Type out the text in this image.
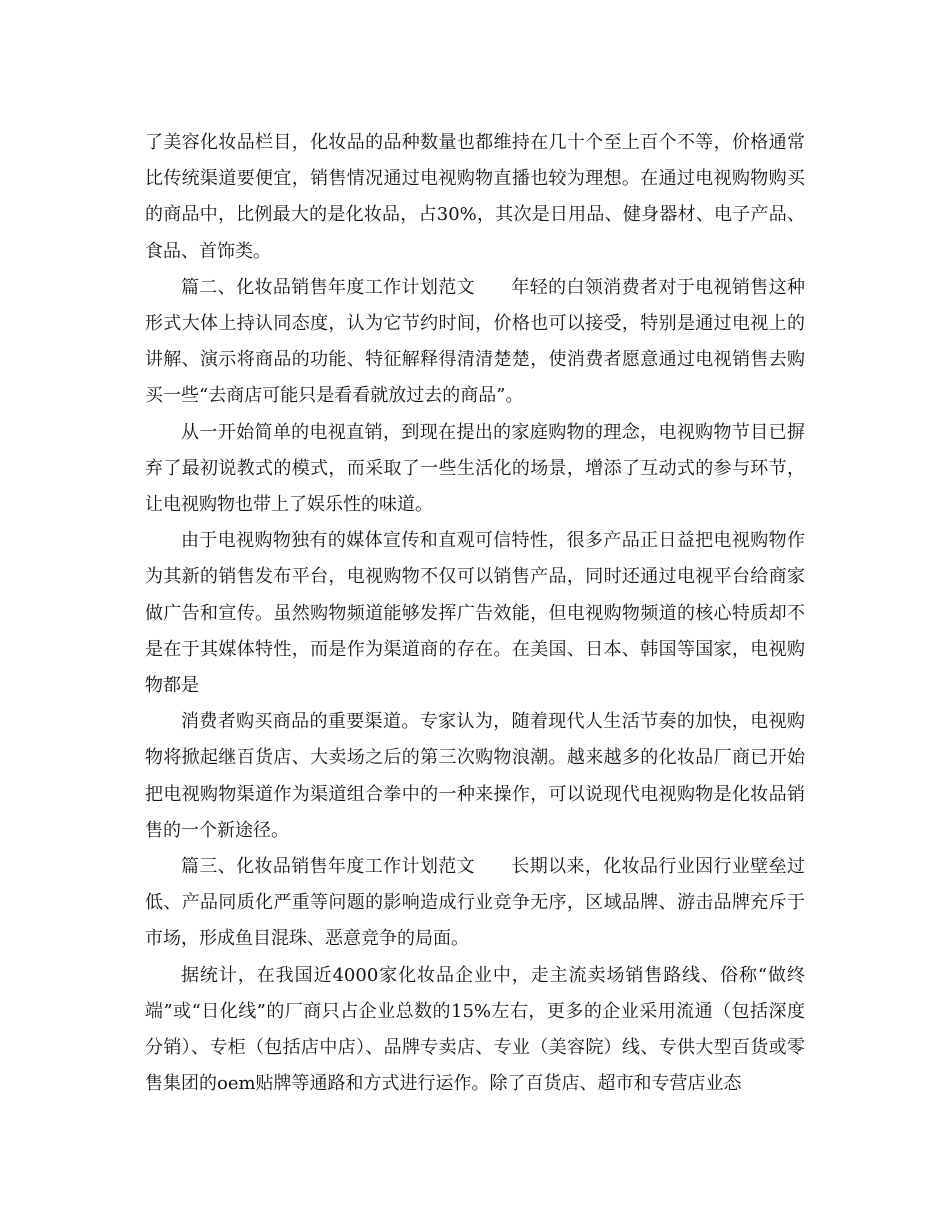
了美容化妆品栏目，化妆品的品种数量也都维持在几十个至上百个不等，价格通常比传统渠道要便宜，销售情况通过电视购物直播也较为理想。在通过电视购物购买的商品中，比例最大的是化妆品，占30%，其次是日用品、健身器材、电子产品、食品、首饰类。

篇二、化妆品销售年度工作计划范文 年轻的白领消费者对于电视销售这种形式大体上持认同态度，认为它节约时间，价格也可以接受，特别是通过电视上的讲解、演示将商品的功能、特征解释得清清楚楚，使消费者愿意通过电视销售去购买一些“去商店可能只是看看就放过去的商品”。

从一开始简单的电视直销，到现在提出的家庭购物的理念，电视购物节目已摒弃了最初说教式的模式，而采取了一些生活化的场景，增添了互动式的参与环节，让电视购物也带上了娱乐性的味道。

由于电视购物独有的媒体宣传和直观可信特性，很多产品正日益把电视购物作为其新的销售发布平台，电视购物不仅可以销售产品，同时还通过电视平台给商家做广告和宣传。虽然购物频道能够发挥广告效能，但电视购物频道的核心特质却不是在于其媒体特性，而是作为渠道商的存在。在美国、日本、韩国等国家，电视购物都是

消费者购买商品的重要渠道。专家认为，随着现代人生活节奏的加快，电视购物将掀起继百货店、大卖场之后的第三次购物浪潮。越来越多的化妆品厂商已开始把电视购物渠道作为渠道组合拳中的一种来操作，可以说现代电视购物是化妆品销售的一个新途径。

篇三、化妆品销售年度工作计划范文 长期以来，化妆品行业因行业壁垒过低、产品同质化严重等问题的影响造成行业竞争无序，区域品牌、游击品牌充斥于市场，形成鱼目混珠、恶意竞争的局面。

据统计，在我国近4000家化妆品企业中，走主流卖场销售路线、俗称“做终端”或“日化线”的厂商只占企业总数的15%左右，更多的企业采用流通（包括深度分销）、专柜（包括店中店）、品牌专卖店、专业（美容院）线、专供大型百货或零售集团的oem贴牌等通路和方式进行运作。除了百货店、超市和专营店业态
